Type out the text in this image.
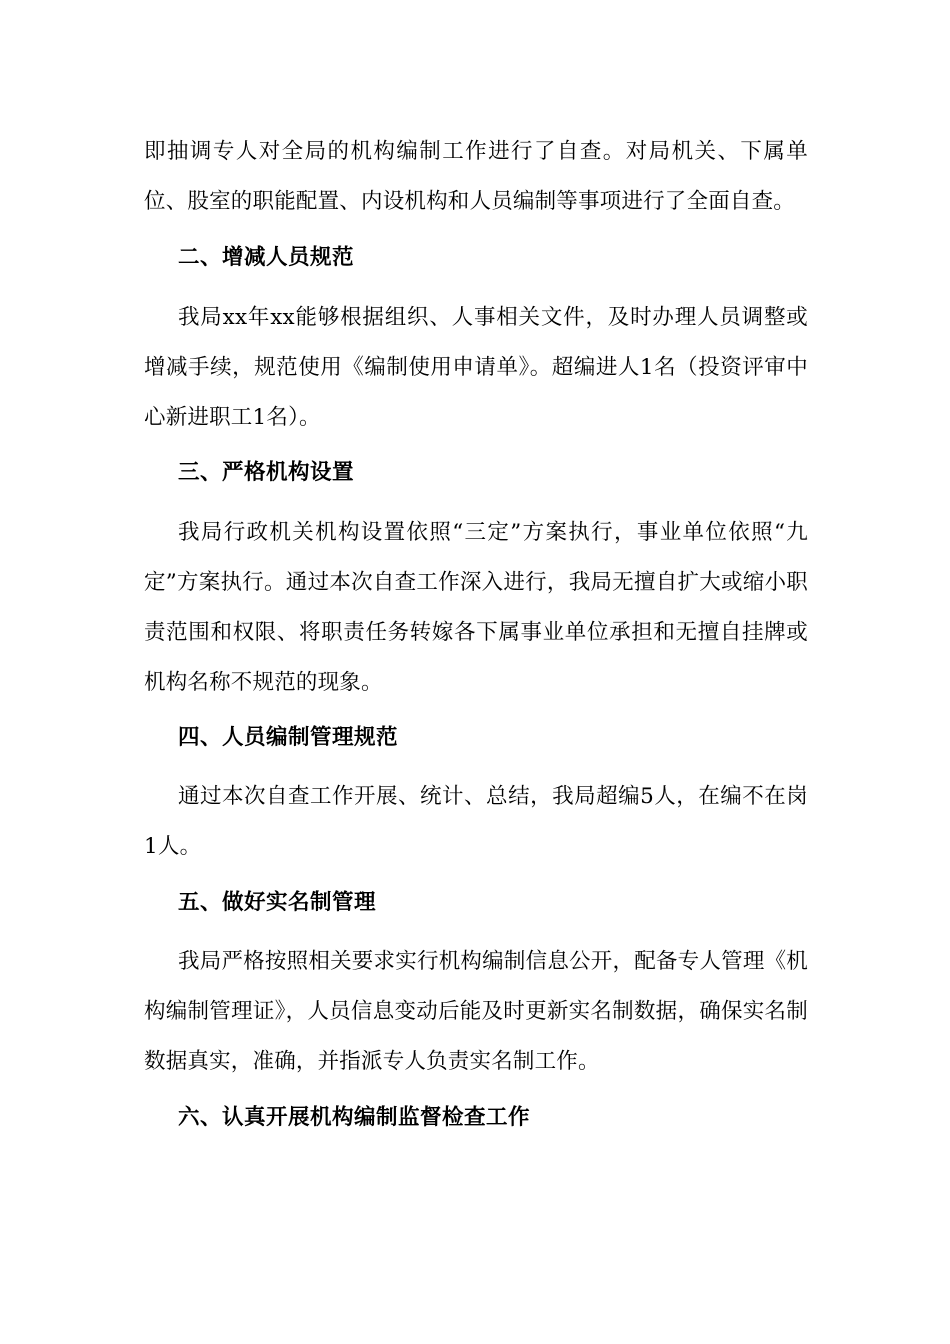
即抽调专人对全局的机构编制工作进行了自查。对局机关、下属单位、股室的职能配置、内设机构和人员编制等事项进行了全面自查。

二、增减人员规范

我局xx年xx能够根据组织、人事相关文件，及时办理人员调整或增减手续，规范使用《编制使用申请单》。超编进人1名（投资评审中心新进职工1名）。

三、严格机构设置

我局行政机关机构设置依照“三定”方案执行，事业单位依照“九定”方案执行。通过本次自查工作深入进行，我局无擅自扩大或缩小职责范围和权限、将职责任务转嫁各下属事业单位承担和无擅自挂牌或机构名称不规范的现象。

四、人员编制管理规范

通过本次自查工作开展、统计、总结，我局超编5人，在编不在岗1人。

五、做好实名制管理

我局严格按照相关要求实行机构编制信息公开，配备专人管理《机构编制管理证》，人员信息变动后能及时更新实名制数据，确保实名制数据真实，准确，并指派专人负责实名制工作。

六、认真开展机构编制监督检查工作
